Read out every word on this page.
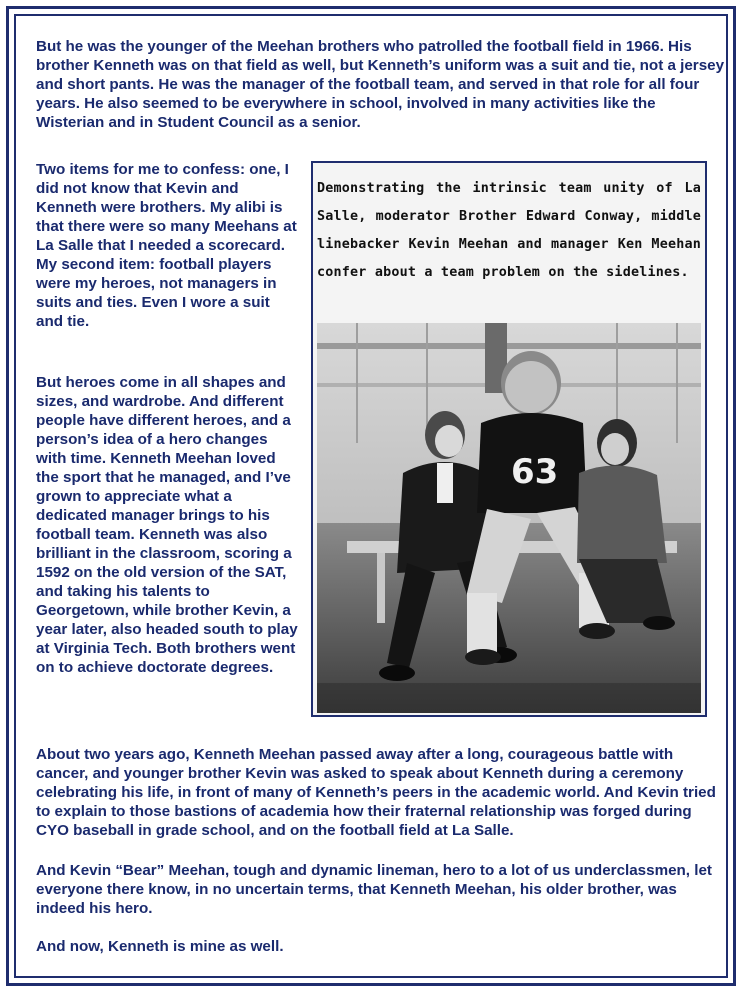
But he was the younger of the Meehan brothers who patrolled the football field in 1966. His brother Kenneth was on that field as well, but Kenneth’s uniform was a suit and tie, not a jersey and short pants. He was the manager of the football team, and served in that role for all four years. He also seemed to be everywhere in school, involved in many activities like the Wisterian and in Student Council as a senior.

Two items for me to confess: one, I did not know that Kevin and Kenneth were brothers. My alibi is that there were so many Meehans at La Salle that I needed a scorecard. My second item: football players were my heroes, not managers in suits and ties. Even I wore a suit and tie.

But heroes come in all shapes and sizes, and wardrobe. And different people have different heroes, and a person’s idea of a hero changes with time. Kenneth Meehan loved the sport that he managed, and I’ve grown to appreciate what a dedicated manager brings to his football team. Kenneth was also brilliant in the classroom, scoring a 1592 on the old version of the SAT, and taking his talents to Georgetown, while brother Kevin, a year later, also headed south to play at Virginia Tech. Both brothers went on to achieve doctorate degrees.

Demonstrating the intrinsic team unity of La Salle, moderator Brother Edward Conway, middle linebacker Kevin Meehan and manager Ken Meehan confer about a team problem on the sidelines.
63

About two years ago, Kenneth Meehan passed away after a long, courageous battle with cancer, and younger brother Kevin was asked to speak about Kenneth during a ceremony celebrating his life, in front of many of Kenneth’s peers in the academic world. And Kevin tried to explain to those bastions of academia how their fraternal relationship was forged during CYO baseball in grade school, and on the football field at La Salle.

And Kevin “Bear” Meehan, tough and dynamic lineman, hero to a lot of us underclassmen, let everyone there know, in no uncertain terms, that Kenneth Meehan, his older brother, was indeed his hero.

And now, Kenneth is mine as well.
